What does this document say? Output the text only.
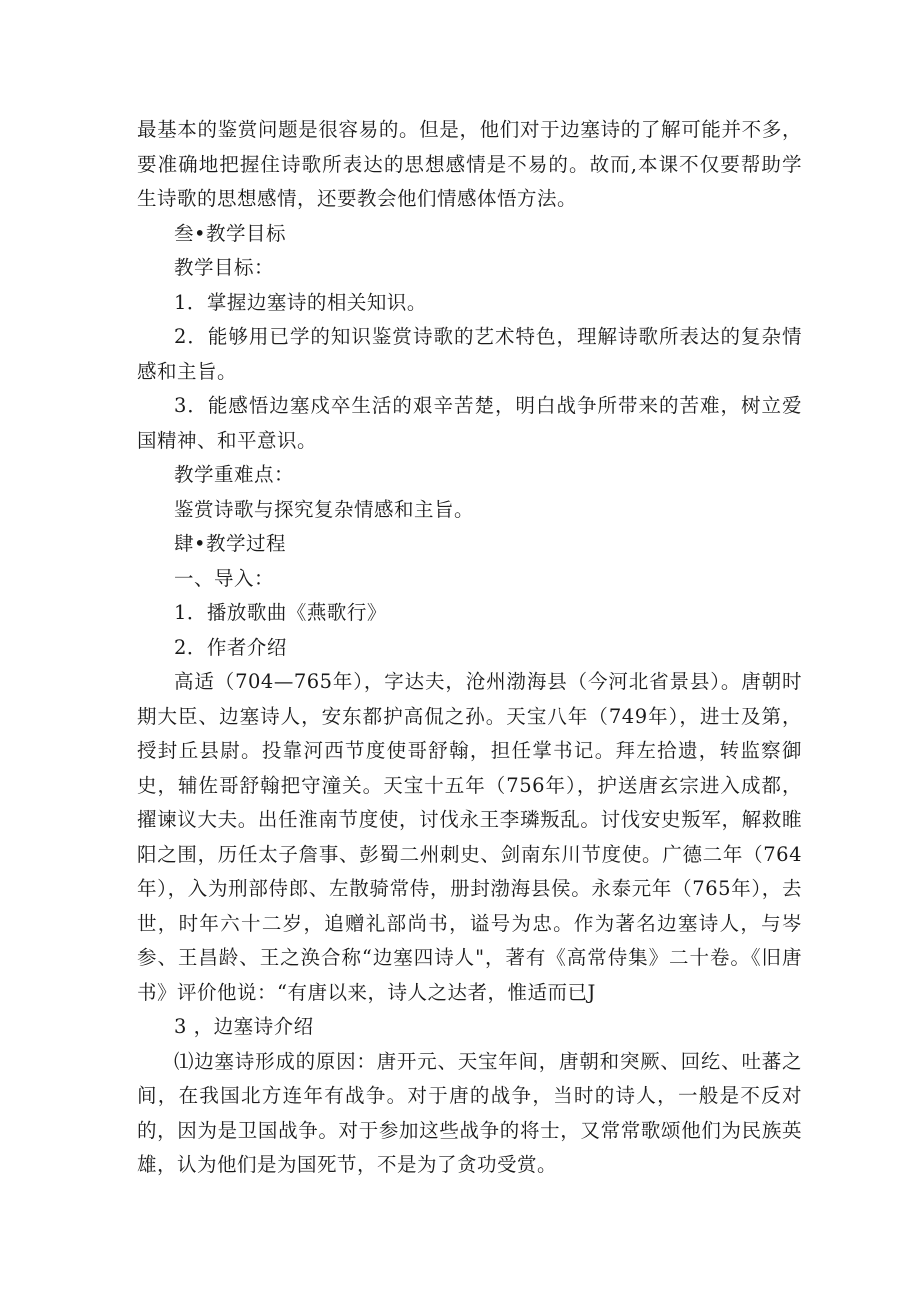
最基本的鉴赏问题是很容易的。但是，他们对于边塞诗的了解可能并不多，要准确地把握住诗歌所表达的思想感情是不易的。故而,本课不仅要帮助学生诗歌的思想感情，还要教会他们情感体悟方法。

叁•教学目标

教学目标：

1．掌握边塞诗的相关知识。

2．能够用已学的知识鉴赏诗歌的艺术特色，理解诗歌所表达的复杂情感和主旨。

3．能感悟边塞戍卒生活的艰辛苦楚，明白战争所带来的苦难，树立爱国精神、和平意识。

教学重难点：

鉴赏诗歌与探究复杂情感和主旨。

肆•教学过程

一、导入：

1．播放歌曲《燕歌行》

2．作者介绍

高适（704—765年），字达夫，沧州渤海县（今河北省景县）。唐朝时期大臣、边塞诗人，安东都护高侃之孙。天宝八年（749年），进士及第，授封丘县尉。投靠河西节度使哥舒翰，担任掌书记。拜左拾遗，转监察御史，辅佐哥舒翰把守潼关。天宝十五年（756年），护送唐玄宗进入成都，擢谏议大夫。出任淮南节度使，讨伐永王李璘叛乱。讨伐安史叛军，解救睢阳之围，历任太子詹事、彭蜀二州刺史、剑南东川节度使。广德二年（764年），入为刑部侍郎、左散骑常侍，册封渤海县侯。永泰元年（765年），去世，时年六十二岁，追赠礼部尚书，谥号为忠。作为著名边塞诗人，与岑参、王昌龄、王之涣合称“边塞四诗人"，著有《高常侍集》二十卷。《旧唐书》评价他说：“有唐以来，诗人之达者，惟适而已J

3 ，边塞诗介绍

⑴边塞诗形成的原因：唐开元、天宝年间，唐朝和突厥、回纥、吐蕃之间，在我国北方连年有战争。对于唐的战争，当时的诗人，一般是不反对的，因为是卫国战争。对于参加这些战争的将士，又常常歌颂他们为民族英雄，认为他们是为国死节，不是为了贪功受赏。
